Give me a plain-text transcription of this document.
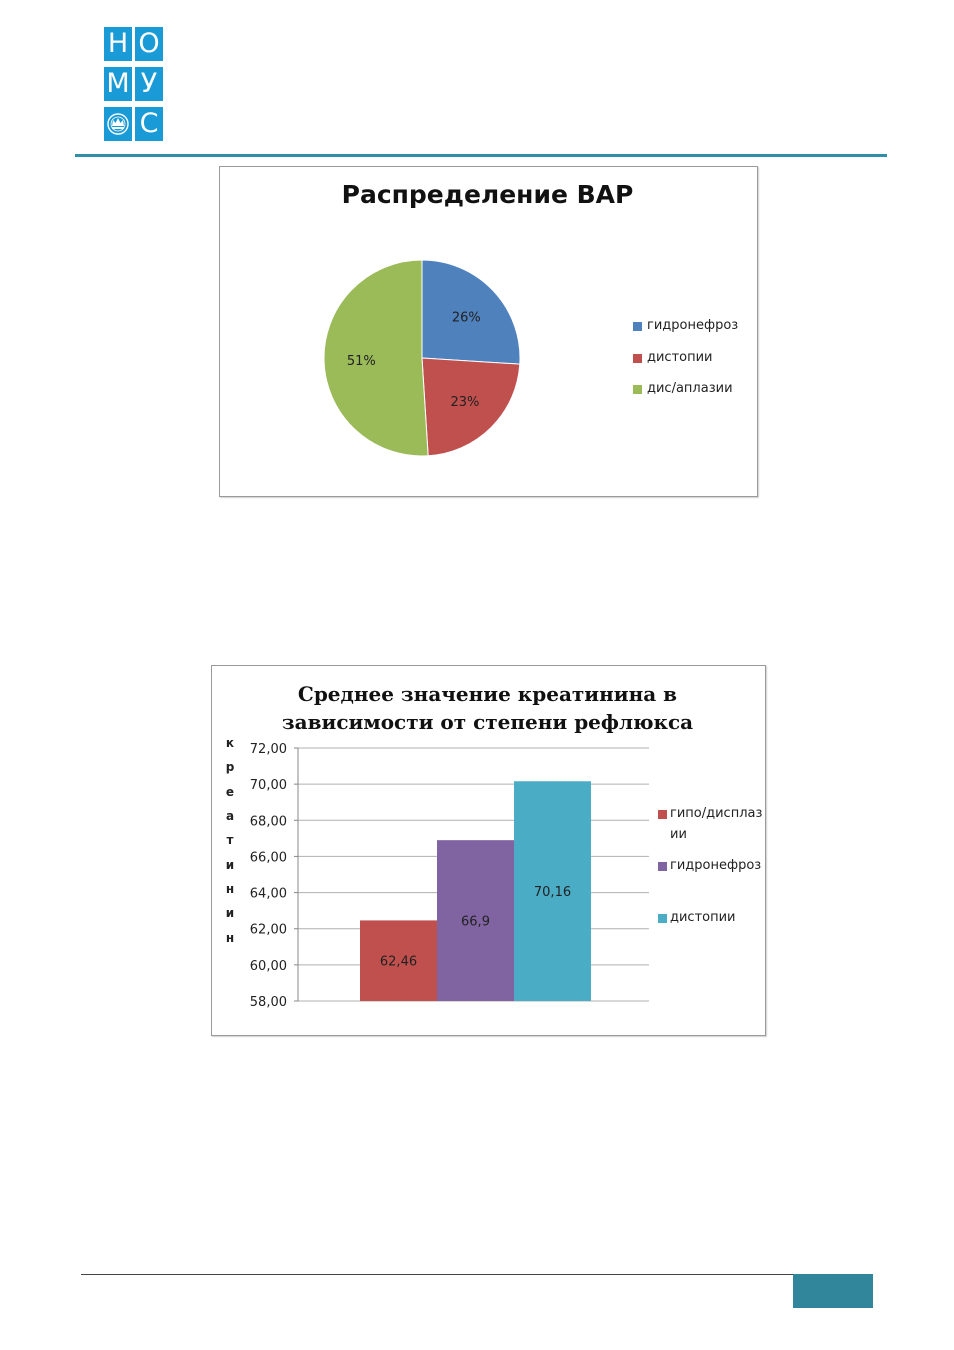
Н О
М У
С
Распределение ВАР
26%
23%
51%
гидронефроз
дистопии
дис/аплазии
Среднее значение креатинина в
зависимости от степени рефлюкса
к
р
е
а
т
и
н
и
н
58,00
60,00
62,00
64,00
66,00
68,00
70,00
72,00
62,46
66,9
70,16
гипо/дисплаз
ии
гидронефроз
дистопии
